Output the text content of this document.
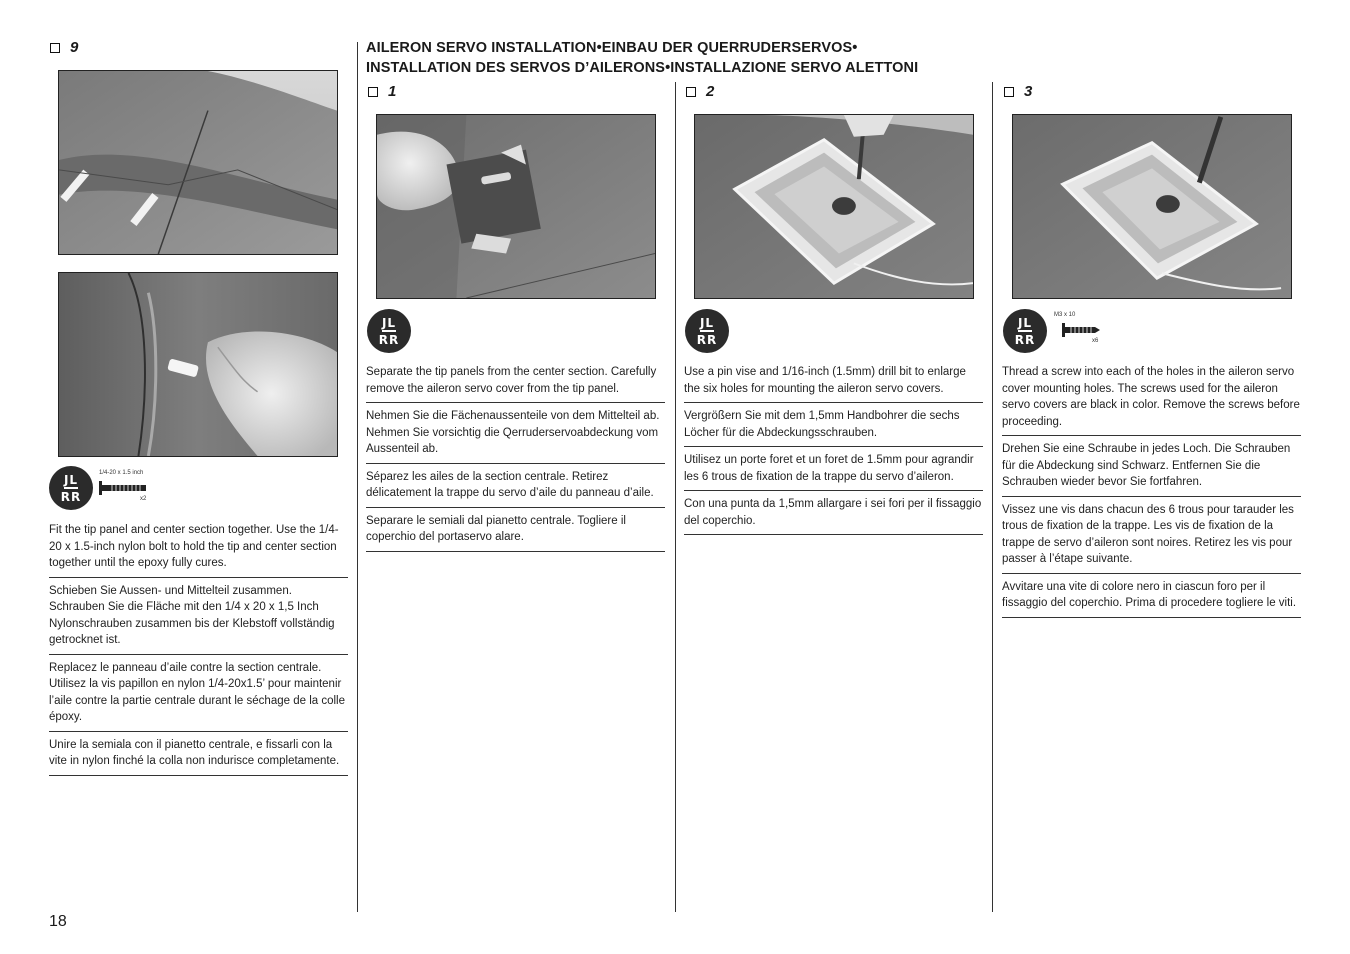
9
JL
RR
1/4-20 x 1.5 inch
x2
Fit the tip panel and center section together. Use the 1/4-20 x 1.5-inch nylon bolt to hold the tip and center section together until the epoxy fully cures.
Schieben Sie Aussen- und Mittelteil zusammen. Schrauben Sie die Fläche mit den 1/4 x 20 x 1,5 Inch Nylonschrauben zusammen bis der Klebstoff vollständig getrocknet ist.
Replacez le panneau d’aile contre la section centrale. Utilisez la vis papillon en nylon 1/4-20x1.5’ pour maintenir l’aile contre la partie centrale durant le séchage de la colle époxy.
Unire la semiala con il pianetto centrale, e fissarli con la vite in nylon finché la colla non indurisce completamente.
18
AILERON SERVO INSTALLATION•EINBAU DER QUERRUDERSERVOS•
INSTALLATION DES SERVOS D’AILERONS•INSTALLAZIONE SERVO ALETTONI
1
JL
RR
Separate the tip panels from the center section. Carefully remove the aileron servo cover from the tip panel.
Nehmen Sie die Fächenaussenteile von dem Mittelteil ab. Nehmen Sie vorsichtig die Qerruderservoabdeckung vom Aussenteil ab.
Séparez les ailes de la section centrale. Retirez délicatement la trappe du servo d’aile du panneau d’aile.
Separare le semiali dal pianetto centrale. Togliere il coperchio del portaservo alare.
2
JL
RR
Use a pin vise and 1/16-inch (1.5mm) drill bit to enlarge the six holes for mounting the aileron servo covers.
Vergrößern Sie mit dem 1,5mm Handbohrer die sechs Löcher für die Abdeckungsschrauben.
Utilisez un porte foret et un foret de 1.5mm pour agrandir les 6 trous de fixation de la trappe du servo d’aileron.
Con una punta da 1,5mm allargare i sei fori per il fissaggio del coperchio.
3
JL
RR
M3 x 10
x6
Thread a screw into each of the holes in the aileron servo cover mounting holes. The screws used for the aileron servo covers are black in color. Remove the screws before proceeding.
Drehen Sie eine Schraube in jedes Loch. Die Schrauben für die Abdeckung sind Schwarz. Entfernen Sie die Schrauben wieder bevor Sie fortfahren.
Vissez une vis dans chacun des 6 trous pour tarauder les trous de fixation de la trappe. Les vis de fixation de la trappe de servo d’aileron sont noires. Retirez les vis pour passer à l’étape suivante.
Avvitare una vite di colore nero in ciascun foro per il fissaggio del coperchio. Prima di procedere togliere le viti.
